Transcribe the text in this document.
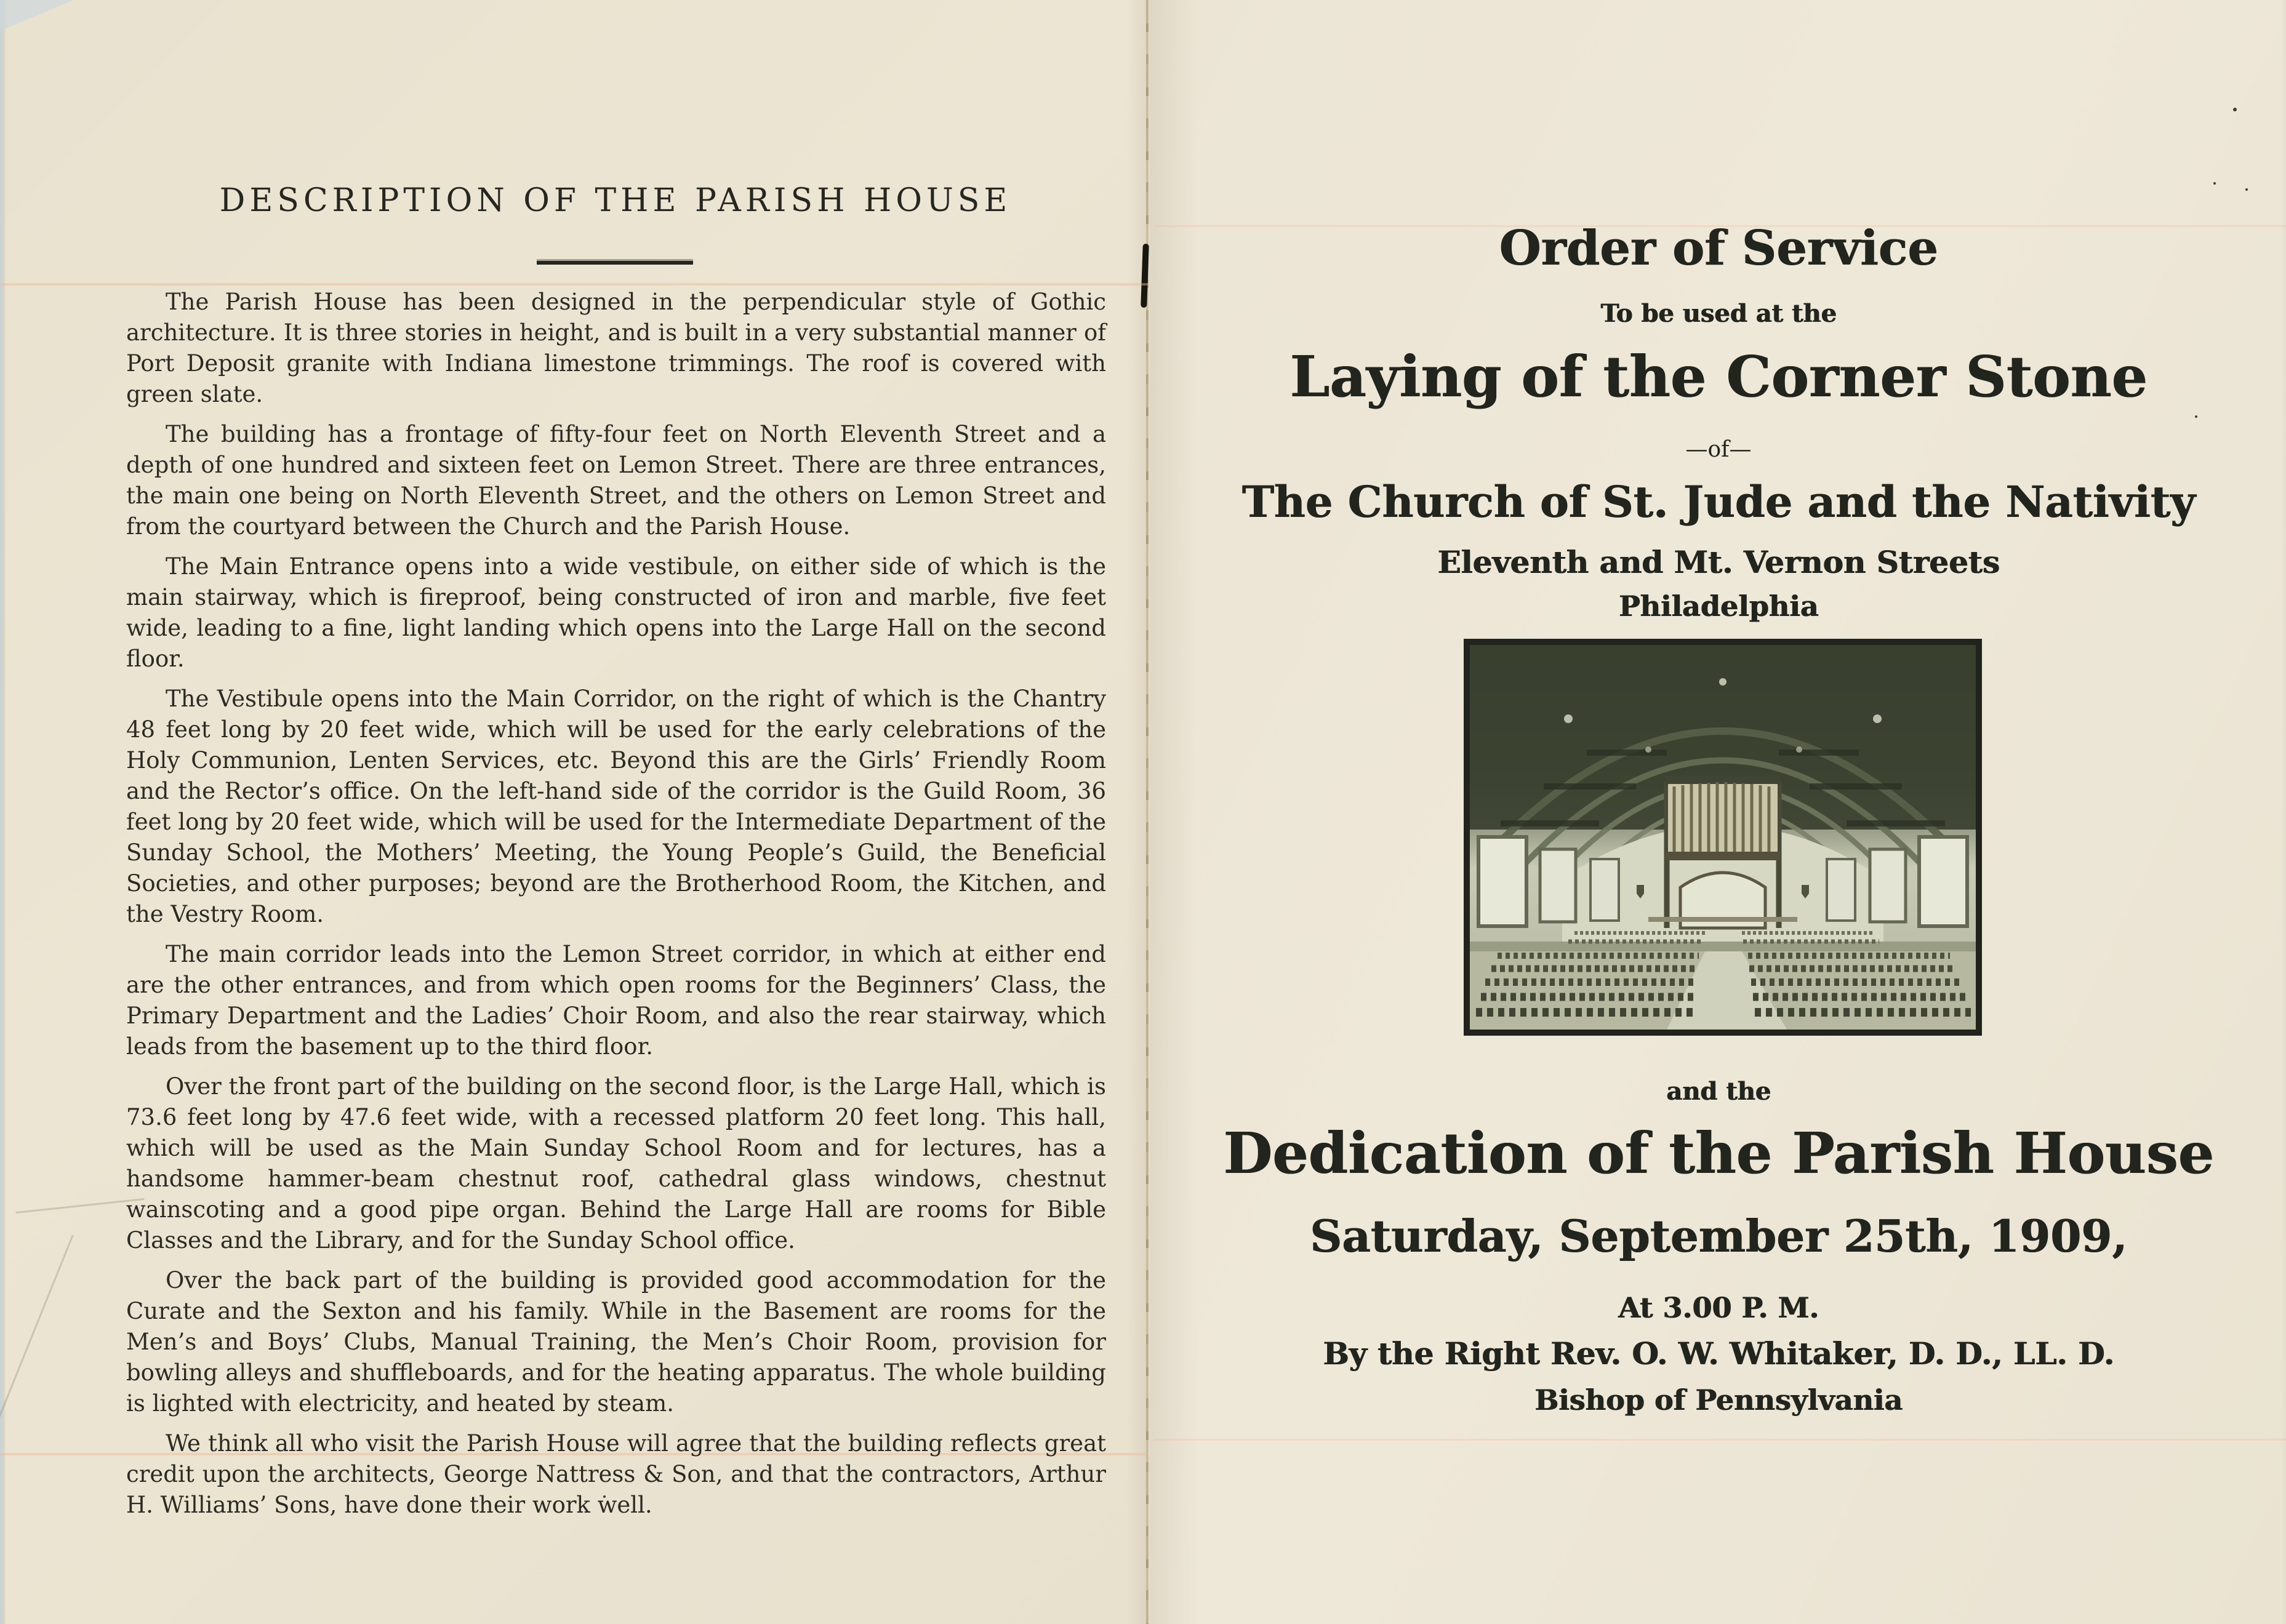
DESCRIPTION OF THE PARISH HOUSE

The Parish House has been designed in the perpendicular style of Gothic architecture. It is three stories in height, and is built in a very substantial manner of Port Deposit granite with Indiana limestone trimmings. The roof is covered with green slate.

The building has a frontage of fifty-four feet on North Eleventh Street and a depth of one hundred and sixteen feet on Lemon Street. There are three entrances, the main one being on North Eleventh Street, and the others on Lemon Street and from the courtyard between the Church and the Parish House.

The Main Entrance opens into a wide vestibule, on either side of which is the main stairway, which is fireproof, being constructed of iron and marble, five feet wide, leading to a fine, light landing which opens into the Large Hall on the second floor.

The Vestibule opens into the Main Corridor, on the right of which is the Chantry 48 feet long by 20 feet wide, which will be used for the early celebrations of the Holy Communion, Lenten Services, etc. Beyond this are the Girls’ Friendly Room and the Rector’s office. On the left-hand side of the corridor is the Guild Room, 36 feet long by 20 feet wide, which will be used for the Intermediate Department of the Sunday School, the Mothers’ Meeting, the Young People’s Guild, the Beneficial Societies, and other purposes; beyond are the Brotherhood Room, the Kitchen, and the Vestry Room.

The main corridor leads into the Lemon Street corridor, in which at either end are the other entrances, and from which open rooms for the Beginners’ Class, the Primary Department and the Ladies’ Choir Room, and also the rear stairway, which leads from the basement up to the third floor.

Over the front part of the building on the second floor, is the Large Hall, which is 73.6 feet long by 47.6 feet wide, with a recessed platform 20 feet long. This hall, which will be used as the Main Sunday School Room and for lectures, has a handsome hammer-beam chestnut roof, cathedral glass windows, chestnut wainscoting and a good pipe organ. Behind the Large Hall are rooms for Bible Classes and the Library, and for the Sunday School office.

Over the back part of the building is provided good accommodation for the Curate and the Sexton and his family. While in the Basement are rooms for the Men’s and Boys’ Clubs, Manual Training, the Men’s Choir Room, provision for bowling alleys and shuffleboards, and for the heating apparatus. The whole building is lighted with electricity, and heated by steam.

We think all who visit the Parish House will agree that the building reflects great credit upon the architects, George Nattress & Son, and that the contractors, Arthur H. Williams’ Sons, have done their work well.

Order of Service
To be used at the
Laying of the Corner Stone
—of—
The Church of St. Jude and the Nativity
Eleventh and Mt. Vernon Streets
Philadelphia
and the
Dedication of the Parish House
Saturday, September 25th, 1909,
At 3.00 P. M.
By the Right Rev. O. W. Whitaker, D. D., LL. D.
Bishop of Pennsylvania
